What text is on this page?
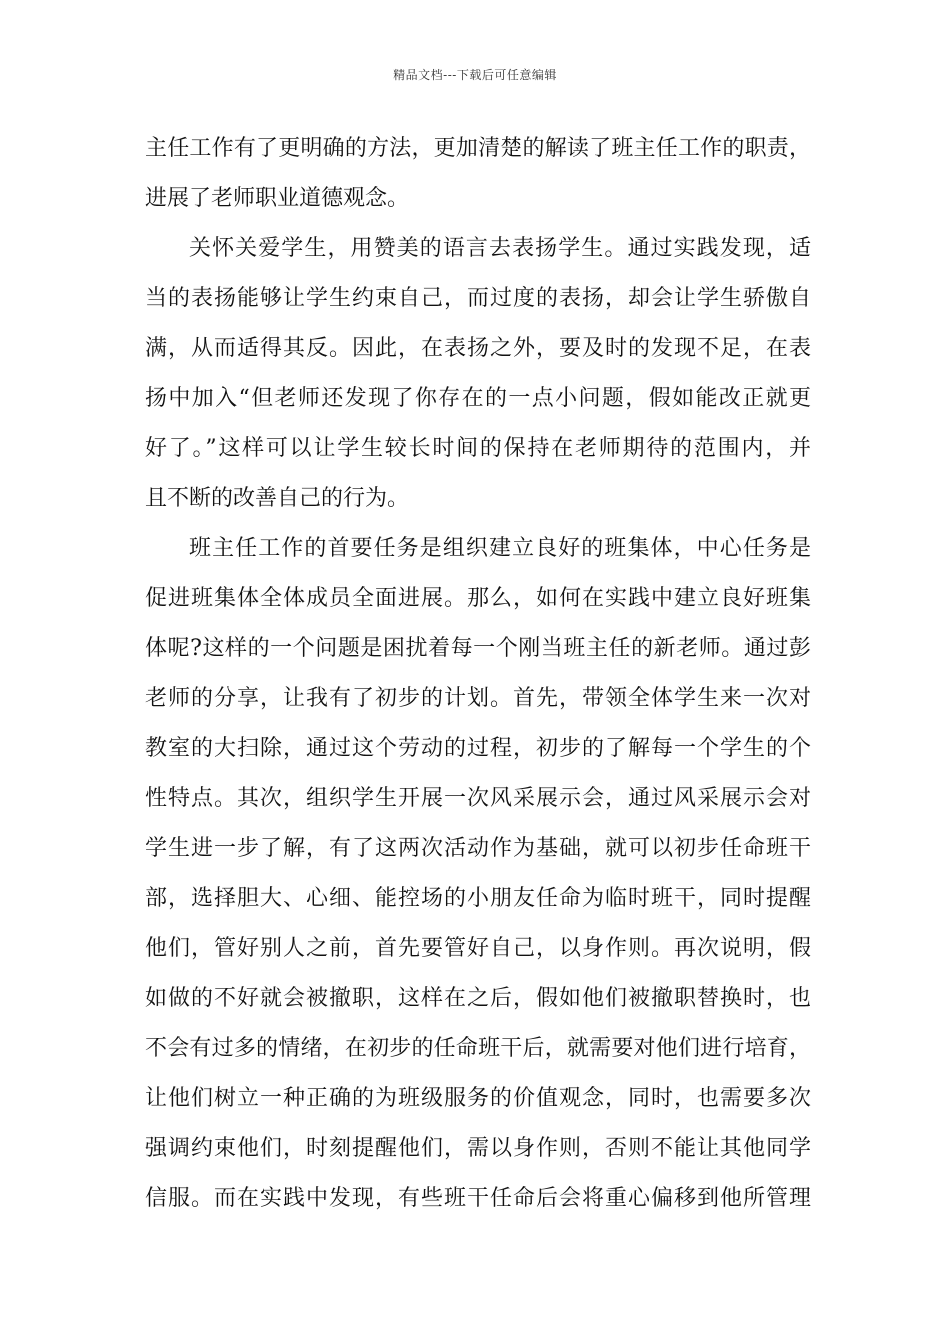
精品文档---下载后可任意编辑

主任工作有了更明确的方法，更加清楚的解读了班主任工作的职责，
进展了老师职业道德观念。

关怀关爱学生，用赞美的语言去表扬学生。通过实践发现，适
当的表扬能够让学生约束自己，而过度的表扬，却会让学生骄傲自
满，从而适得其反。因此，在表扬之外，要及时的发现不足，在表
扬中加入“但老师还发现了你存在的一点小问题，假如能改正就更
好了。”这样可以让学生较长时间的保持在老师期待的范围内，并
且不断的改善自己的行为。

班主任工作的首要任务是组织建立良好的班集体，中心任务是
促进班集体全体成员全面进展。那么，如何在实践中建立良好班集
体呢?这样的一个问题是困扰着每一个刚当班主任的新老师。通过彭
老师的分享，让我有了初步的计划。首先，带领全体学生来一次对
教室的大扫除，通过这个劳动的过程，初步的了解每一个学生的个
性特点。其次，组织学生开展一次风采展示会，通过风采展示会对
学生进一步了解，有了这两次活动作为基础，就可以初步任命班干
部，选择胆大、心细、能控场的小朋友任命为临时班干，同时提醒
他们，管好别人之前，首先要管好自己，以身作则。再次说明，假
如做的不好就会被撤职，这样在之后，假如他们被撤职替换时，也
不会有过多的情绪，在初步的任命班干后，就需要对他们进行培育，
让他们树立一种正确的为班级服务的价值观念，同时，也需要多次
强调约束他们，时刻提醒他们，需以身作则，否则不能让其他同学
信服。而在实践中发现，有些班干任命后会将重心偏移到他所管理
